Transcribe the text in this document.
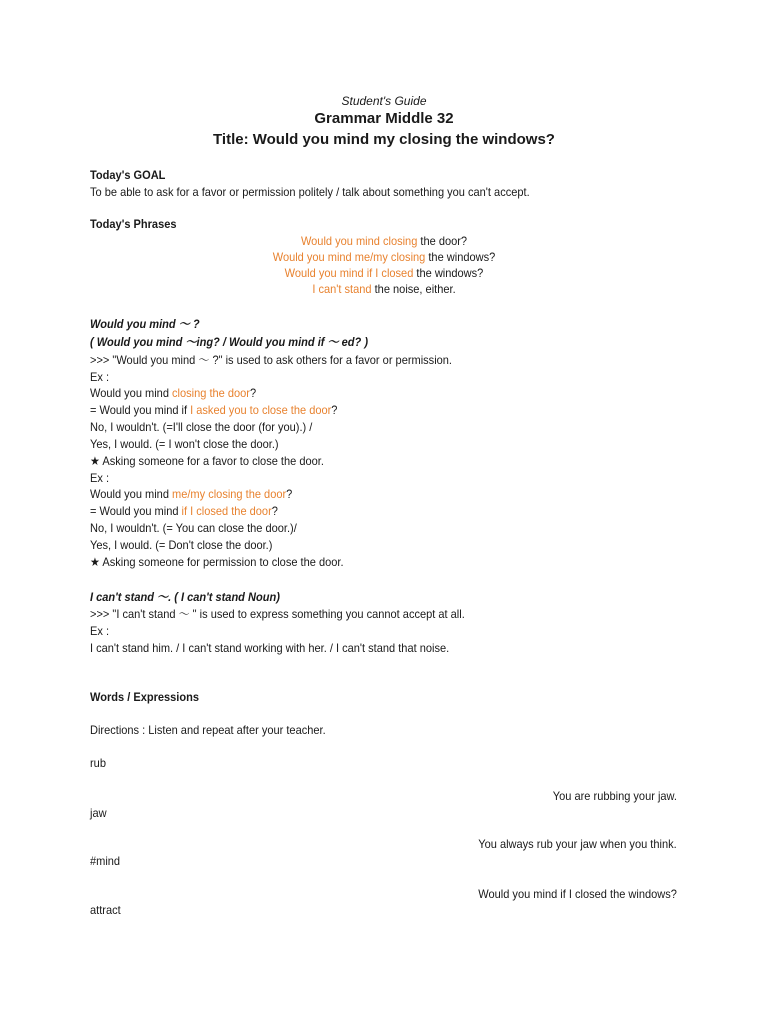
Student's Guide
Grammar Middle 32
Title: Would you mind my closing the windows?
Today's GOAL
To be able to ask for a favor or permission politely / talk about something you can't accept.
Today's Phrases
Would you mind closing the door?
Would you mind me/my closing the windows?
Would you mind if I closed the windows?
I can't stand the noise, either.
Would you mind ～ ?
( Would you mind ～ing? / Would you mind if ～ ed? )
>>> "Would you mind ～ ?" is used to ask others for a favor or permission.
Ex :
Would you mind closing the door?
= Would you mind if I asked you to close the door?
No, I wouldn't. (=I'll close the door (for you).) /
Yes, I would. (= I won't close the door.)
★ Asking someone for a favor to close the door.
Ex :
Would you mind me/my closing the door?
= Would you mind if I closed the door?
No, I wouldn't. (= You can close the door.)/
Yes, I would. (= Don't close the door.)
★ Asking someone for permission to close the door.
I can't stand ～. ( I can't stand Noun)
>>> "I can't stand ～ " is used to express something you cannot accept at all.
Ex :
I can't stand him. / I can't stand working with her. / I can't stand that noise.
Words / Expressions
Directions : Listen and repeat after your teacher.
rub
You are rubbing your jaw.
jaw
You always rub your jaw when you think.
#mind
Would you mind if I closed the windows?
attract
